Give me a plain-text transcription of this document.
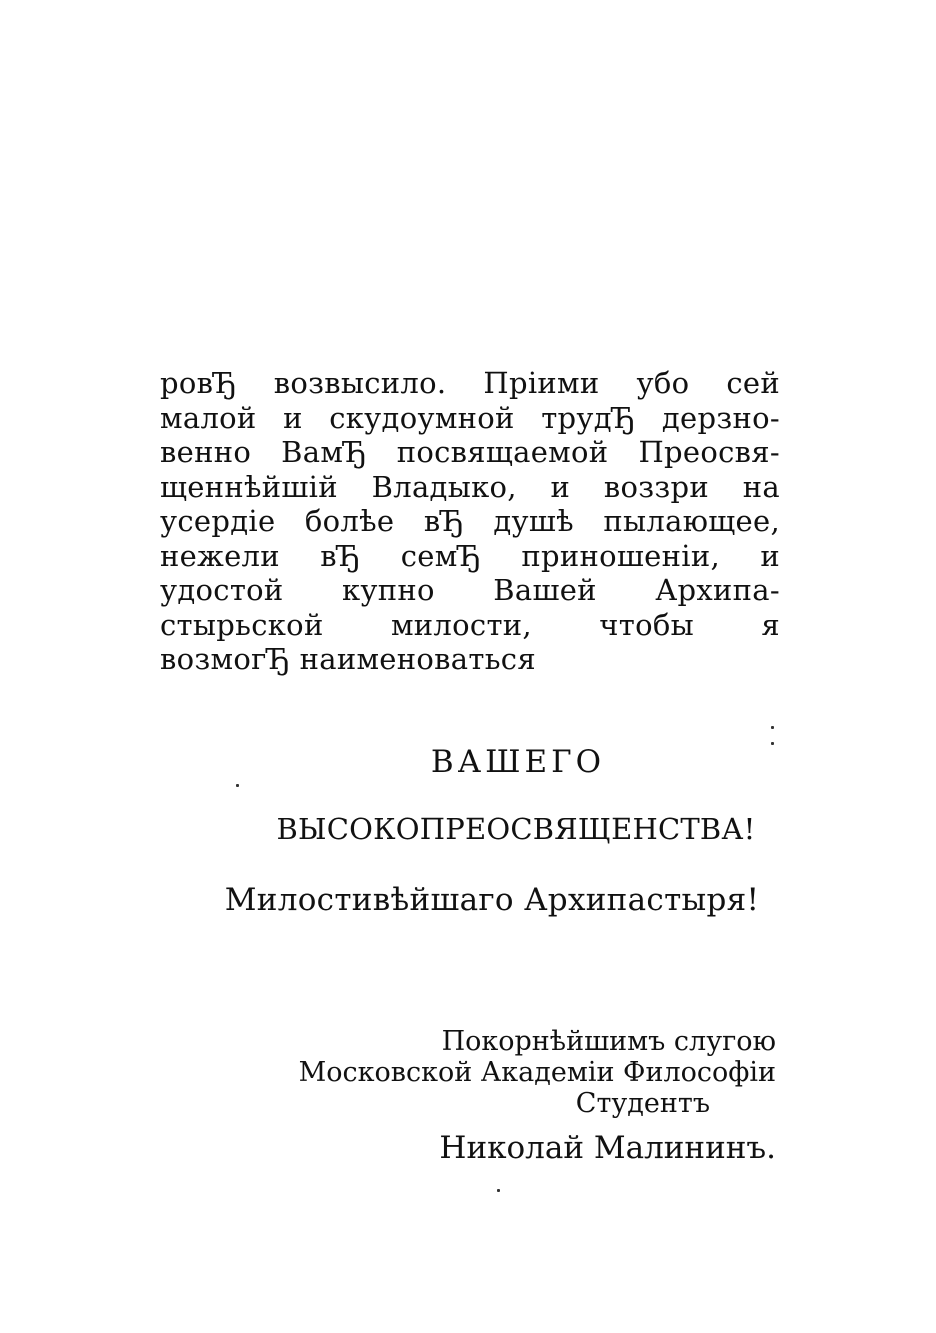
ровЂ возвысило. Пріими убо сей
малой и скудоумной трудЂ дерзно-
венно ВамЂ посвящаемой Преосвя-
щеннѣйшій Владыко, и воззри на
усердіе болѣе вЂ душѣ пылающее,
нежели вЂ семЂ приношеніи, и
удостой купно Вашей Архипа-
стырьской милости, чтобы я
возмогЂ наименоваться
ВАШЕГО
ВЫСОКОПРЕОСВЯЩЕНСТВА!
Милостивѣйшаго Архипастыря!
Покорнѣйшимъ слугою
Московской Академіи Философіи
Студентъ
Николай Малининъ.
